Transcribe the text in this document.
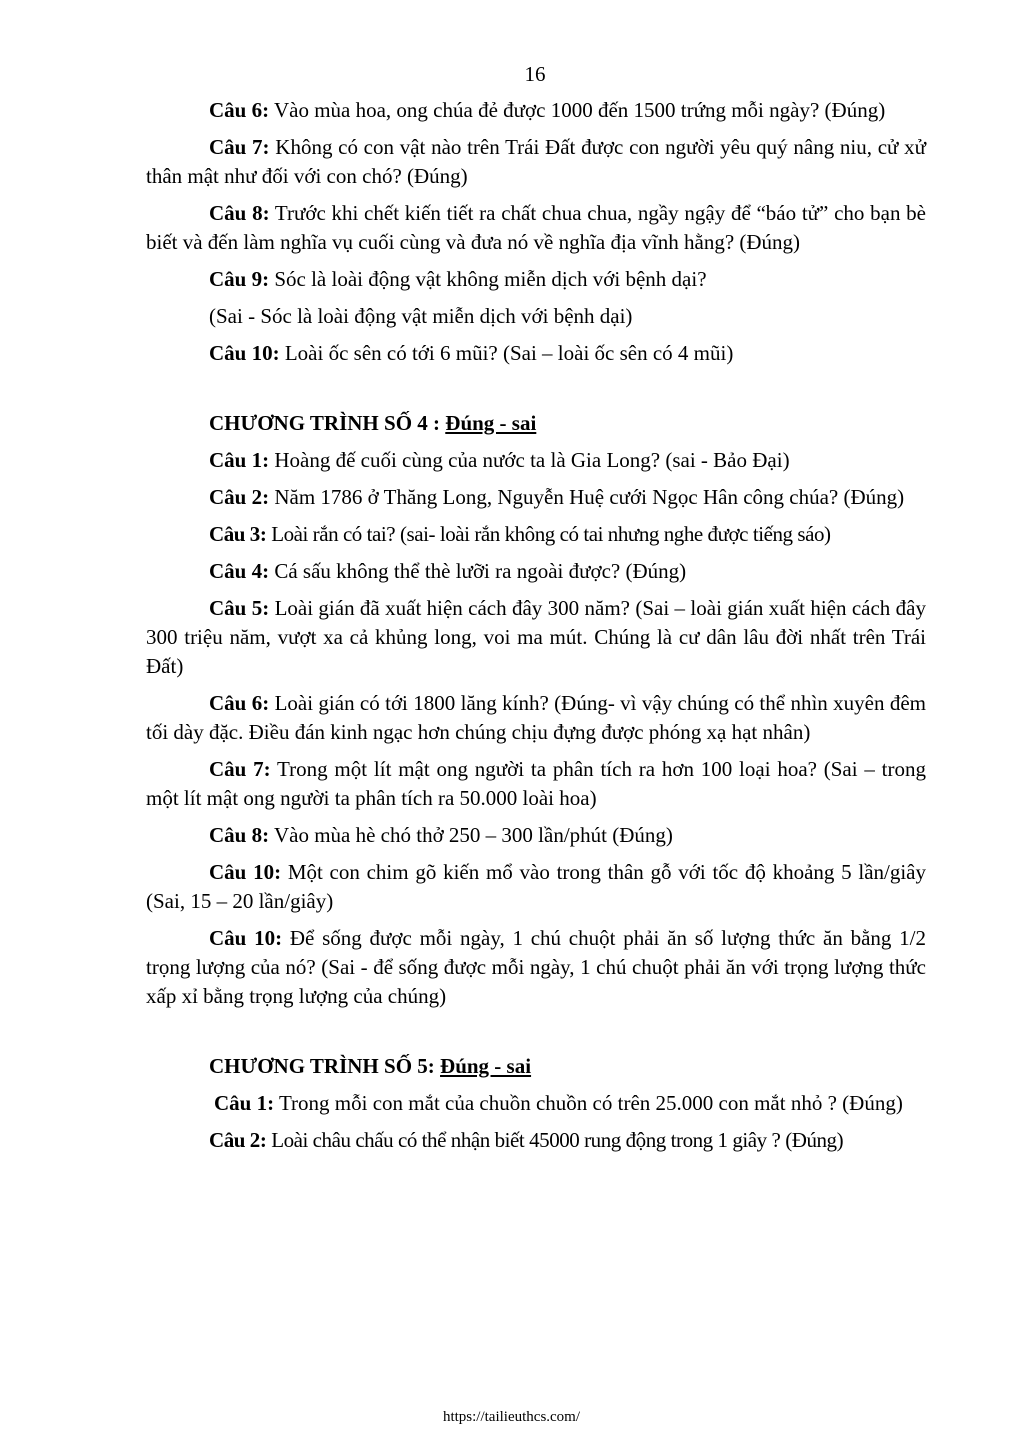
16

Câu 6: Vào mùa hoa, ong chúa đẻ được 1000 đến 1500 trứng mỗi ngày? (Đúng)

Câu 7: Không có con vật nào trên Trái Đất được con người yêu quý nâng niu, cử xử thân mật như đối với con chó? (Đúng)

Câu 8: Trước khi chết kiến tiết ra chất chua chua, ngầy ngậy để “báo tử” cho bạn bè biết và đến làm nghĩa vụ cuối cùng và đưa nó về nghĩa địa vĩnh hằng? (Đúng)

Câu 9: Sóc là loài động vật không miễn dịch với bệnh dại?

(Sai - Sóc là loài động vật miễn dịch với bệnh dại)

Câu 10: Loài ốc sên có tới 6 mũi? (Sai – loài ốc sên có 4 mũi)

CHƯƠNG TRÌNH SỐ 4 : Đúng - sai

Câu 1: Hoàng đế cuối cùng của nước ta là Gia Long? (sai - Bảo Đại)

Câu 2: Năm 1786 ở Thăng Long, Nguyễn Huệ cưới Ngọc Hân công chúa? (Đúng)

Câu 3: Loài rắn có tai? (sai- loài rắn không có tai nhưng nghe được tiếng sáo)

Câu 4: Cá sấu không thể thè lưỡi ra ngoài được? (Đúng)

Câu 5: Loài gián đã xuất hiện cách đây 300 năm? (Sai – loài gián xuất hiện cách đây 300 triệu năm, vượt xa cả khủng long, voi ma mút. Chúng là cư dân lâu đời nhất trên Trái Đất)

Câu 6: Loài gián có tới 1800 lăng kính? (Đúng- vì vậy chúng có thể nhìn xuyên đêm tối dày đặc. Điều đán kinh ngạc hơn chúng chịu đựng được phóng xạ hạt nhân)

Câu 7: Trong một lít mật ong người ta phân tích ra hơn 100 loại hoa? (Sai – trong một lít mật ong người ta phân tích ra 50.000 loài hoa)

Câu 8: Vào mùa hè chó thở 250 – 300 lần/phút (Đúng)

Câu 10: Một con chim gõ kiến mổ vào trong thân gỗ với tốc độ khoảng 5 lần/giây (Sai, 15 – 20 lần/giây)

Câu 10: Để sống được mỗi ngày, 1 chú chuột phải ăn số lượng thức ăn bằng 1/2 trọng lượng của nó? (Sai - để sống được mỗi ngày, 1 chú chuột phải ăn với trọng lượng thức xấp xỉ bằng trọng lượng của chúng)

CHƯƠNG TRÌNH SỐ 5: Đúng - sai

Câu 1: Trong mỗi con mắt của chuồn chuồn có trên 25.000 con mắt nhỏ ? (Đúng)

Câu 2: Loài châu chấu có thể nhận biết 45000 rung động trong 1 giây ? (Đúng)

https://tailieuthcs.com/
